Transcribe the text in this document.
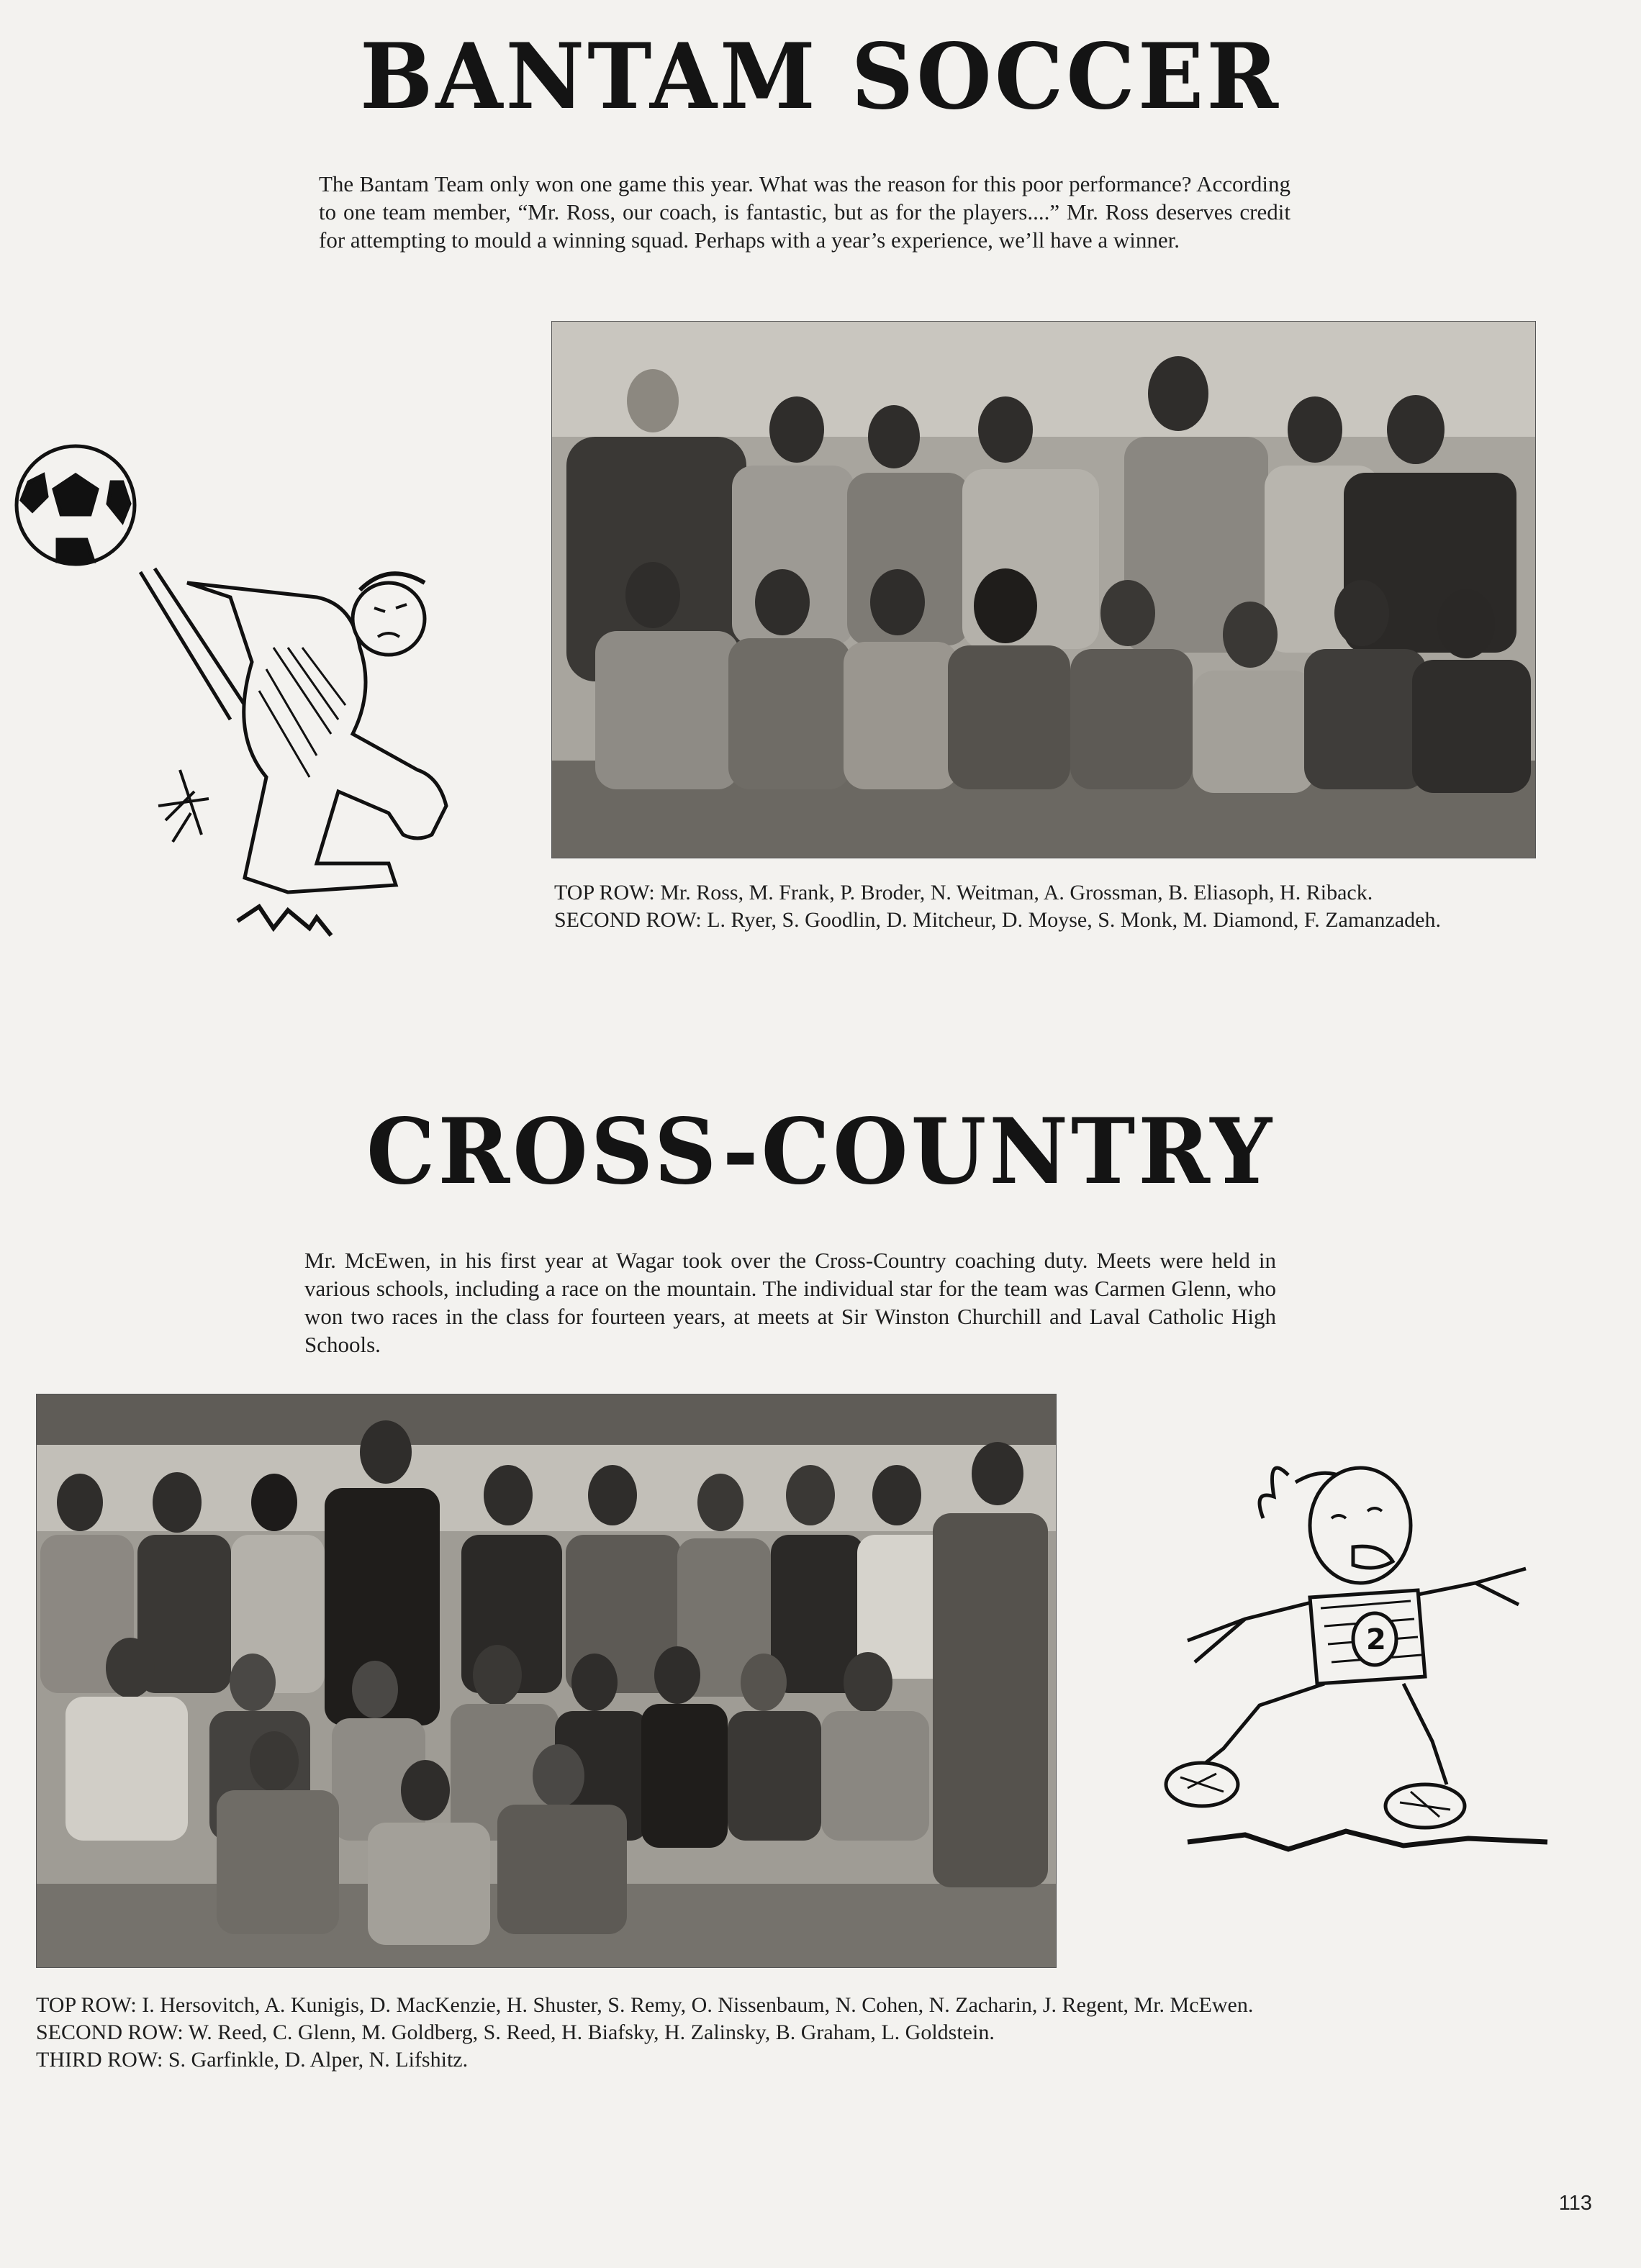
BANTAM SOCCER

The Bantam Team only won one game this year. What was the reason for this poor performance? According to one team member, “Mr. Ross, our coach, is fantastic, but as for the players....” Mr. Ross deserves credit for attempting to mould a winning squad. Perhaps with a year’s experience, we’ll have a winner.

TOP ROW: Mr. Ross, M. Frank, P. Broder, N. Weitman, A. Grossman, B. Eliasoph, H. Riback.
SECOND ROW: L. Ryer, S. Goodlin, D. Mitcheur, D. Moyse, S. Monk, M. Diamond, F. Zamanzadeh.
CROSS-COUNTRY

Mr. McEwen, in his first year at Wagar took over the Cross-Country coaching duty. Meets were held in various schools, including a race on the mountain. The individual star for the team was Carmen Glenn, who won two races in the class for fourteen years, at meets at Sir Winston Churchill and Laval Catholic High Schools.

2
TOP ROW: I. Hersovitch, A. Kunigis, D. MacKenzie, H. Shuster, S. Remy, O. Nissenbaum, N. Cohen, N. Zacharin, J. Regent, Mr. McEwen.
SECOND ROW: W. Reed, C. Glenn, M. Goldberg, S. Reed, H. Biafsky, H. Zalinsky, B. Graham, L. Goldstein.
THIRD ROW: S. Garfinkle, D. Alper, N. Lifshitz.

113
